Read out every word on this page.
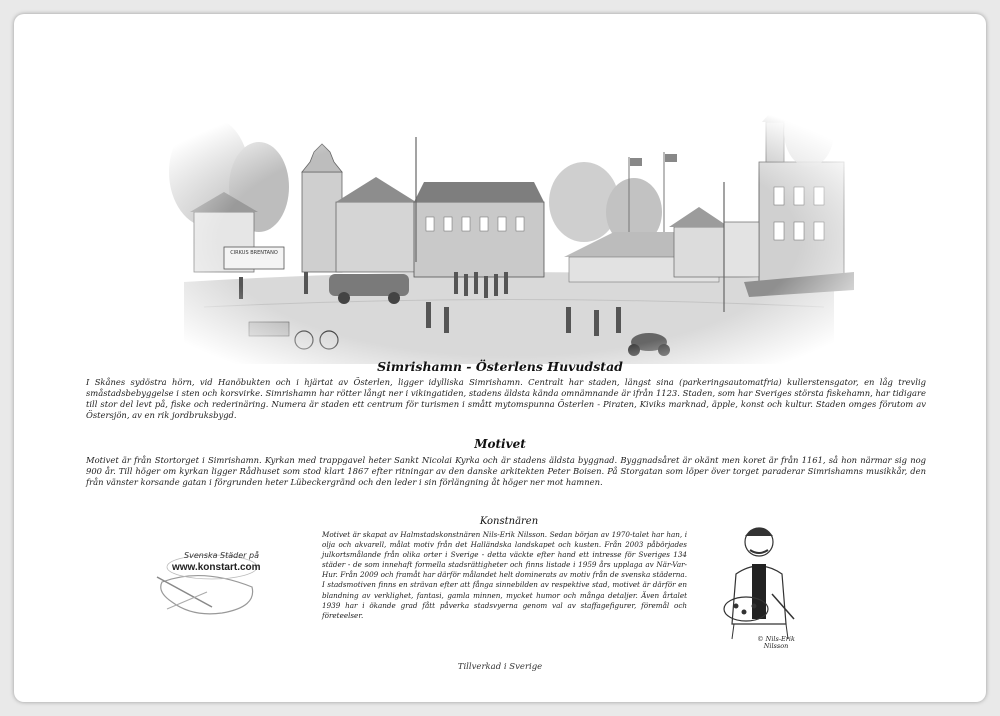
CIRKUS BRENTANO
Simrishamn - Österlens Huvudstad
I Skånes sydöstra hörn, vid Hanöbukten och i hjärtat av Österlen, ligger idylliska Simrishamn. Centralt har staden, längst sina (parkeringsautomatfria) kullerstensgator, en låg trevlig småstadsbebyggelse i sten och korsvirke. Simrishamn har rötter långt ner i vikingatiden, stadens äldsta kända omnämnande är ifrån 1123. Staden, som har Sveriges största fiskehamn, har tidigare till stor del levt på, fiske och rederinäring. Numera är staden ett centrum för turismen i smått mytomspunna Österlen - Piraten, Kiviks marknad, äpple, konst och kultur. Staden omges förutom av Östersjön, av en rik jordbruksbygd.
Motivet
Motivet är från Stortorget i Simrishamn. Kyrkan med trappgavel heter Sankt Nicolai Kyrka och är stadens äldsta byggnad. Byggnadsåret är okänt men koret är från 1161, så hon närmar sig nog 900 år. Till höger om kyrkan ligger Rådhuset som stod klart 1867 efter ritningar av den danske arkitekten Peter Boisen. På Storgatan som löper över torget paraderar Simrishamns musikkår, den från vänster korsande gatan i förgrunden heter Lübeckergränd och den leder i sin förlängning åt höger ner mot hamnen.
Konstnären
Motivet är skapat av Halmstadskonstnären Nils-Erik Nilsson. Sedan början av 1970-talet har han, i olja och akvarell, målat motiv från det Halländska landskapet och kusten. Från 2003 påbörjades julkortsmålande från olika orter i Sverige - detta väckte efter hand ett intresse för Sveriges 134 städer - de som innehaft formella stadsrättigheter och finns listade i 1959 års upplaga av När-Var-Hur. Från 2009 och framåt har därför målandet helt dominerats av motiv från de svenska städerna. I stadsmotiven finns en strävan efter att fånga sinnebilden av respektive stad, motivet är därför en blandning av verklighet, fantasi, gamla minnen, mycket humor och många detaljer. Även årtalet 1939 har i ökande grad fått påverka stadsvyerna genom val av staffagefigurer, föremål och företeelser.
Svenska Städer på
www.konstart.com
© Nils-Erik Nilsson
Tillverkad i Sverige
